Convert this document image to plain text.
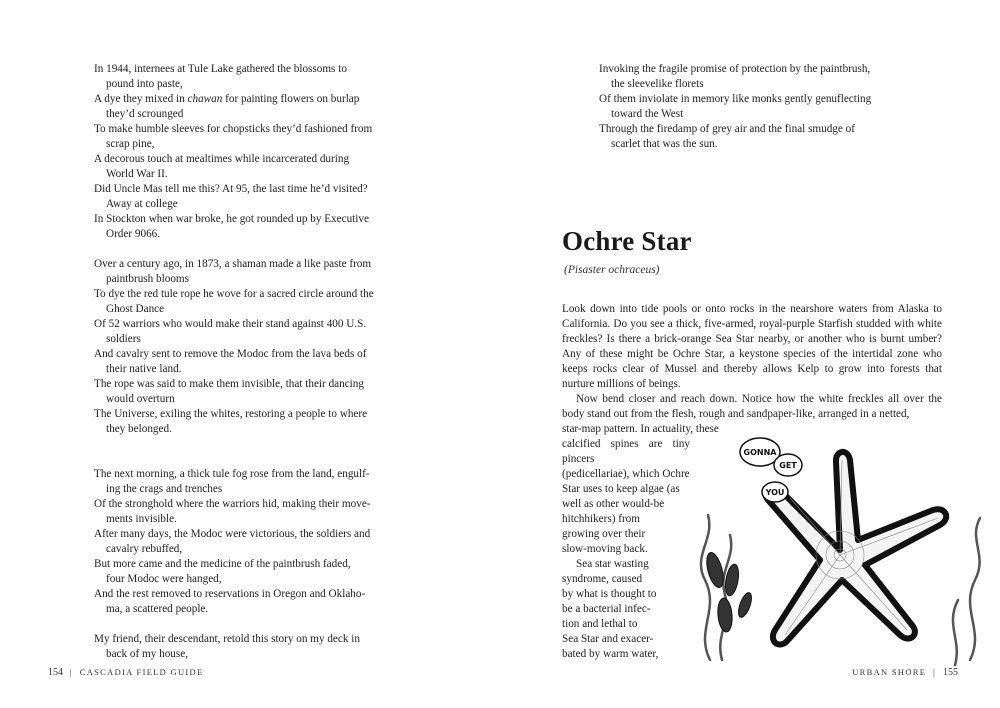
In 1944, internees at Tule Lake gathered the blossoms to
pound into paste,
A dye they mixed in chawan for painting flowers on burlap
they’d scrounged
To make humble sleeves for chopsticks they’d fashioned from
scrap pine,
A decorous touch at mealtimes while incarcerated during
World War II.
Did Uncle Mas tell me this? At 95, the last time he’d visited?
Away at college
In Stockton when war broke, he got rounded up by Executive
Order 9066.
Over a century ago, in 1873, a shaman made a like paste from
paintbrush blooms
To dye the red tule rope he wove for a sacred circle around the
Ghost Dance
Of 52 warriors who would make their stand against 400 U.S.
soldiers
And cavalry sent to remove the Modoc from the lava beds of
their native land.
The rope was said to make them invisible, that their dancing
would overturn
The Universe, exiling the whites, restoring a people to where
they belonged.
The next morning, a thick tule fog rose from the land, engulf-
ing the crags and trenches
Of the stronghold where the warriors hid, making their move-
ments invisible.
After many days, the Modoc were victorious, the soldiers and
cavalry rebuffed,
But more came and the medicine of the paintbrush faded,
four Modoc were hanged,
And the rest removed to reservations in Oregon and Oklaho-
ma, a scattered people.
My friend, their descendant, retold this story on my deck in
back of my house,
154 | CASCADIA FIELD GUIDE
Invoking the fragile promise of protection by the paintbrush,
the sleevelike florets
Of them inviolate in memory like monks gently genuflecting
toward the West
Through the firedamp of grey air and the final smudge of
scarlet that was the sun.
Ochre Star
(Pisaster ochraceus)

Look down into tide pools or onto rocks in the nearshore waters from Alaska to California. Do you see a thick, five-armed, royal-purple Starfish studded with white freckles? Is there a brick-orange Sea Star nearby, or another who is burnt umber? Any of these might be Ochre Star, a keystone species of the intertidal zone who keeps rocks clear of Mussel and thereby allows Kelp to grow into forests that nurture millions of beings.

Now bend closer and reach down. Notice how the white freckles all over the body stand out from the flesh, rough and sandpaper-like, arranged in a netted,

star-map pattern. In actuality, these
calcified spines are tiny pincers
(pedicellariae), which Ochre
Star uses to keep algae (as
well as other would-be
hitchhikers) from
growing over their
slow-moving back.
Sea star wasting
syndrome, caused
by what is thought to
be a bacterial infec-
tion and lethal to
Sea Star and exacer-
bated by warm water,
GONNA
GET
YOU
URBAN SHORE | 155
